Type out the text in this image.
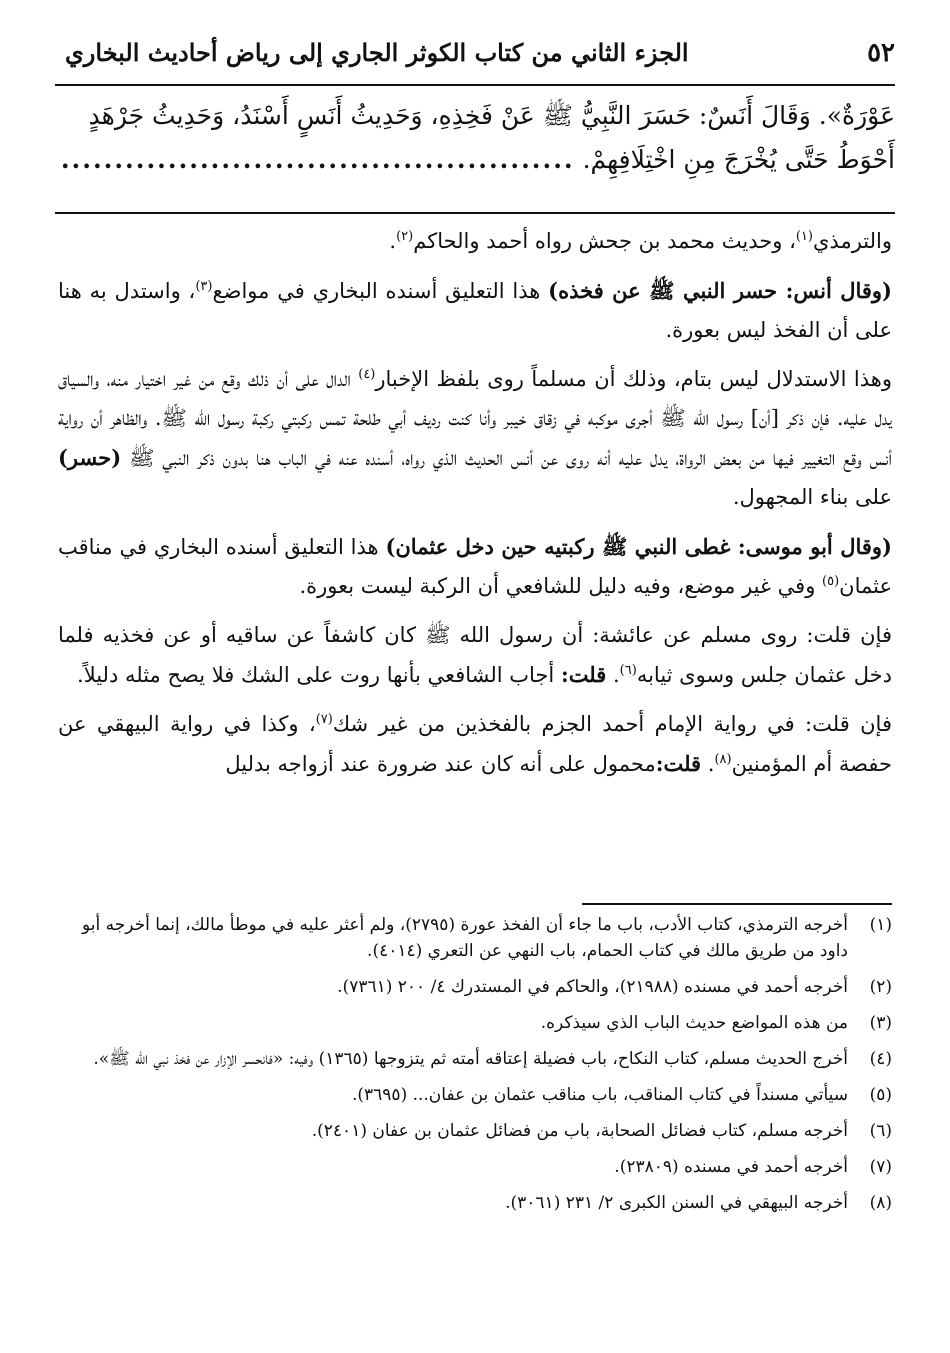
٥٢
الجزء الثاني من كتاب الكوثر الجاري إلى رياض أحاديث البخاري
عَوْرَةٌ». وَقَالَ أَنَسٌ: حَسَرَ النَّبِيُّ ﷺ عَنْ فَخِذِهِ، وَحَدِيثُ أَنَسٍ أَسْنَدُ، وَحَدِيثُ جَرْهَدٍ
أَحْوَطُ حَتَّى يُخْرَجَ مِنِ اخْتِلَافِهِمْ. ................................................

والترمذي$^{(١)}$، وحديث محمد بن جحش رواه أحمد والحاكم$^{(٢)}$.

(وقال أنس: حسر النبي ﷺ عن فخذه) هذا التعليق أسنده البخاري في مواضع$^{(٣)}$، واستدل به هنا على أن الفخذ ليس بعورة.

وهذا الاستدلال ليس بتام، وذلك أن مسلماً روى بلفظ الإخبار$^{(٤)}$ الدال على أن ذلك وقع من غير اختيار منه، والسياق يدل عليه. فإن ذكر [أن] رسول الله ﷺ أجرى موكبه في زقاق خيبر وأنا كنت رديف أبي طلحة تمس ركبتي ركبة رسول الله ﷺ. والظاهر أن رواية أنس وقع التغيير فيها من بعض الرواة، يدل عليه أنه روى عن أنس الحديث الذي رواه، أسنده عنه في الباب هنا بدون ذكر النبي ﷺ (حسر) على بناء المجهول.

(وقال أبو موسى: غطى النبي ﷺ ركبتيه حين دخل عثمان) هذا التعليق أسنده البخاري في مناقب عثمان$^{(٥)}$ وفي غير موضع، وفيه دليل للشافعي أن الركبة ليست بعورة.

فإن قلت: روى مسلم عن عائشة: أن رسول الله ﷺ كان كاشفاً عن ساقيه أو عن فخذيه فلما دخل عثمان جلس وسوى ثيابه$^{(٦)}$. قلت: أجاب الشافعي بأنها روت على الشك فلا يصح مثله دليلاً.

فإن قلت: في رواية الإمام أحمد الجزم بالفخذين من غير شك$^{(٧)}$، وكذا في رواية البيهقي عن حفصة أم المؤمنين$^{(٨)}$. قلت:محمول على أنه كان عند ضرورة عند أزواجه بدليل

(١)
أخرجه الترمذي، كتاب الأدب، باب ما جاء أن الفخذ عورة (٢٧٩٥)، ولم أعثر عليه في موطأ مالك، إنما أخرجه أبو داود من طريق مالك في كتاب الحمام، باب النهي عن التعري (٤٠١٤).
(٢)
أخرجه أحمد في مسنده (٢١٩٨٨)، والحاكم في المستدرك ٤/ ٢٠٠ (٧٣٦١).
(٣)
من هذه المواضع حديث الباب الذي سيذكره.
(٤)
أخرج الحديث مسلم، كتاب النكاح، باب فضيلة إعتاقه أمته ثم يتزوجها (١٣٦٥) وفيه: «فانحسر الإزار عن فخذ نبي الله ﷺ».
(٥)
سيأتي مسنداً في كتاب المناقب، باب مناقب عثمان بن عفان... (٣٦٩٥).
(٦)
أخرجه مسلم، كتاب فضائل الصحابة، باب من فضائل عثمان بن عفان (٢٤٠١).
(٧)
أخرجه أحمد في مسنده (٢٣٨٠٩).
(٨)
أخرجه البيهقي في السنن الكبرى ٢/ ٢٣١ (٣٠٦١).
